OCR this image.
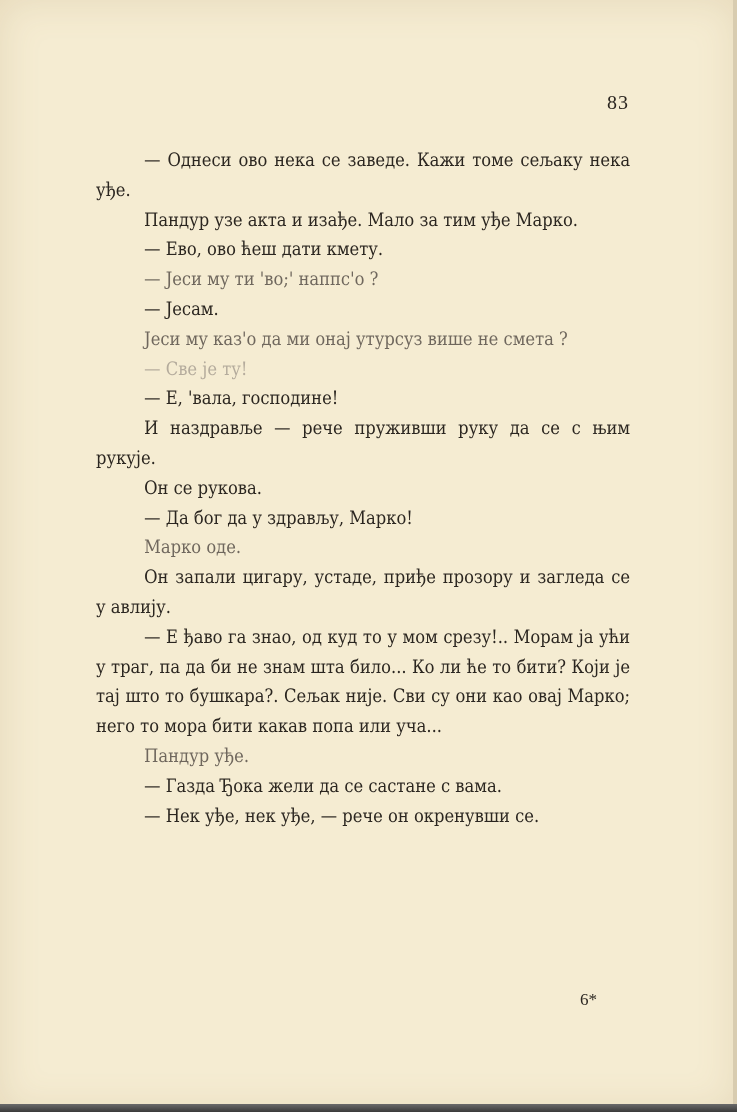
83

— Однеси ово нека се заведе. Кажи томе сељаку нека уђе.

Пандур узе акта и изађе. Мало за тим уђе Марко.

— Ево, ово ћеш дати кмету.

— Јеси му ти 'во;' наппс'о ?

— Јесам.

Јеси му каз'о да ми онај утурсуз више не смета ?

— Све је ту!

— Е, 'вала, господине!

И наздравље — рече пруживши руку да се с њим рукује.

Он се рукова.

— Да бог да у здрављу, Марко!

Марко оде.

Он запали цигару, устаде, приђе прозору и загледа се у авлију.

— Е ђаво га знао, од куд то у мом срезу!.. Морам ја ући у траг, па да би не знам шта било... Ко ли ће то бити? Који је тај што то бушкара?. Сељак није. Сви су они као овај Марко; него то мора бити какав попа или уча...

Пандур уђе.

— Газда Ђока жели да се састане с вама.

— Нек уђе, нек уђе, — рече он окренувши се.

6*
